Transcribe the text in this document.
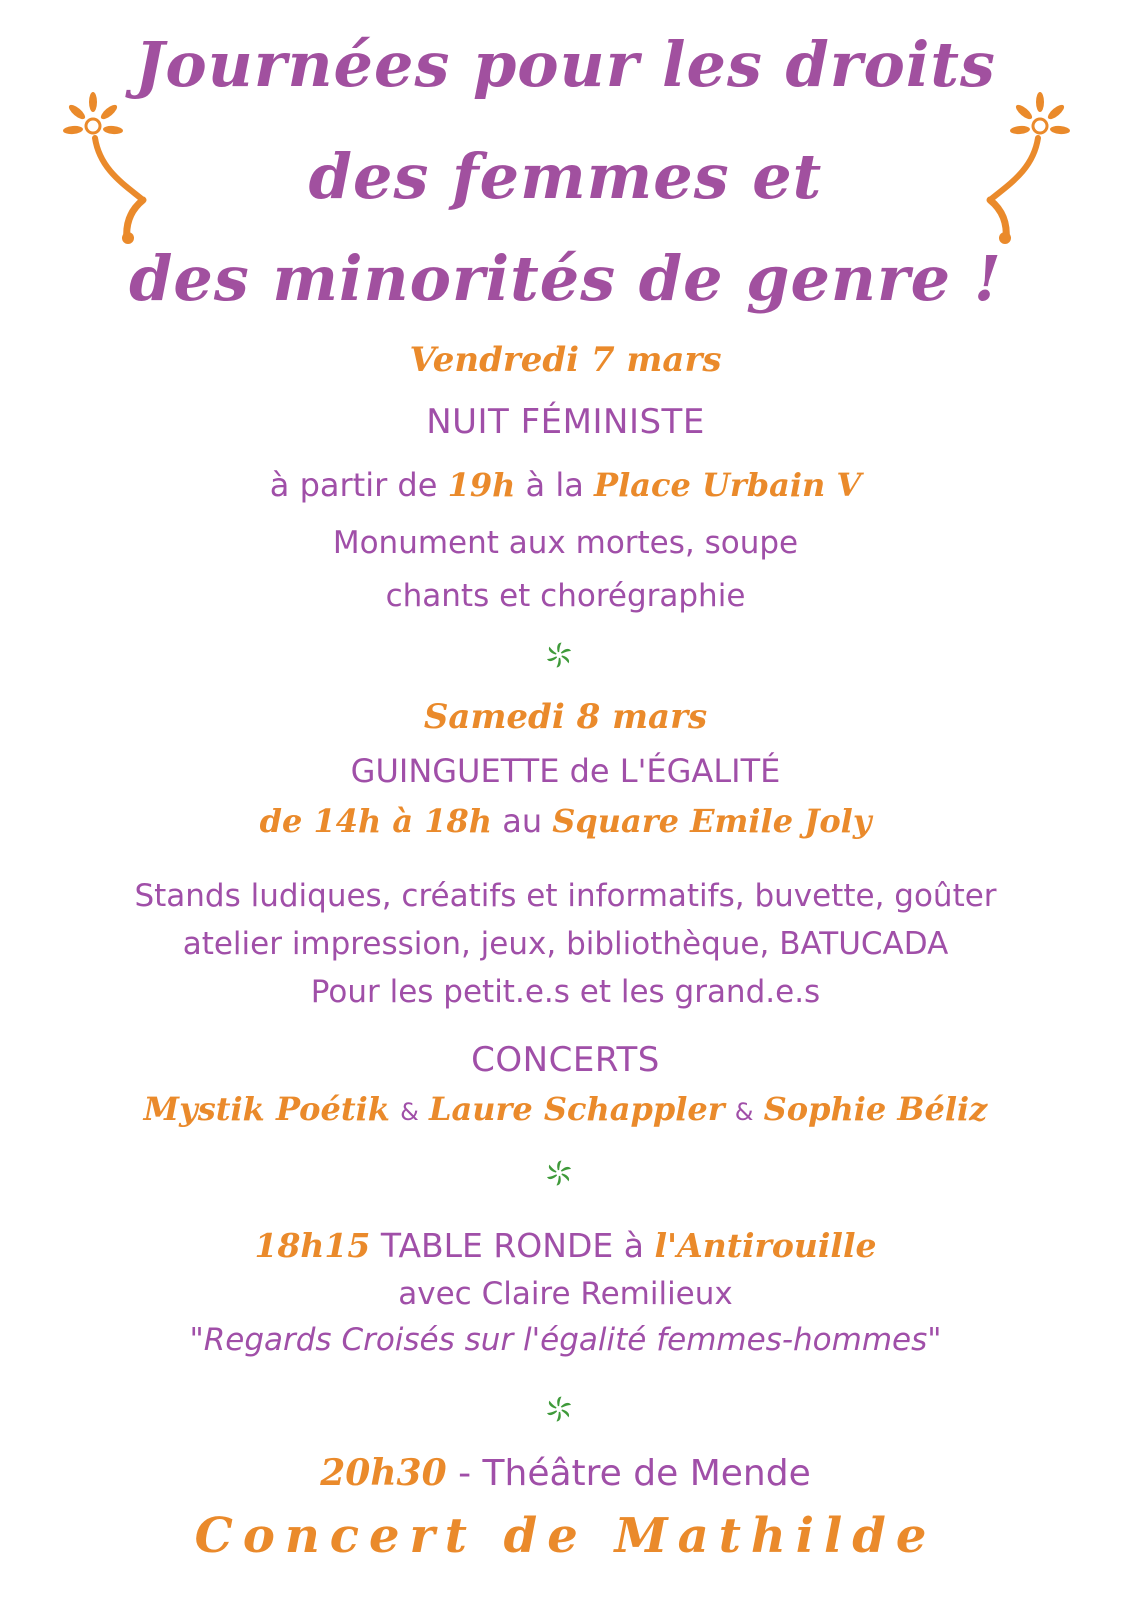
Journées pour les droits
des femmes et
des minorités de genre !
Vendredi 7 mars
NUIT FÉMINISTE
à partir de 19h à la Place Urbain V
Monument aux mortes, soupe
chants et chorégraphie
Samedi 8 mars
GUINGUETTE de L'ÉGALITÉ
de 14h à 18h au Square Emile Joly
Stands ludiques, créatifs et informatifs, buvette, goûter
atelier impression, jeux, bibliothèque, BATUCADA
Pour les petit.e.s et les grand.e.s
CONCERTS
Mystik Poétik & Laure Schappler & Sophie Béliz
18h15 TABLE RONDE à l'Antirouille
avec Claire Remilieux
"Regards Croisés sur l'égalité femmes-hommes"
20h30 - Théâtre de Mende
Concert de Mathilde
